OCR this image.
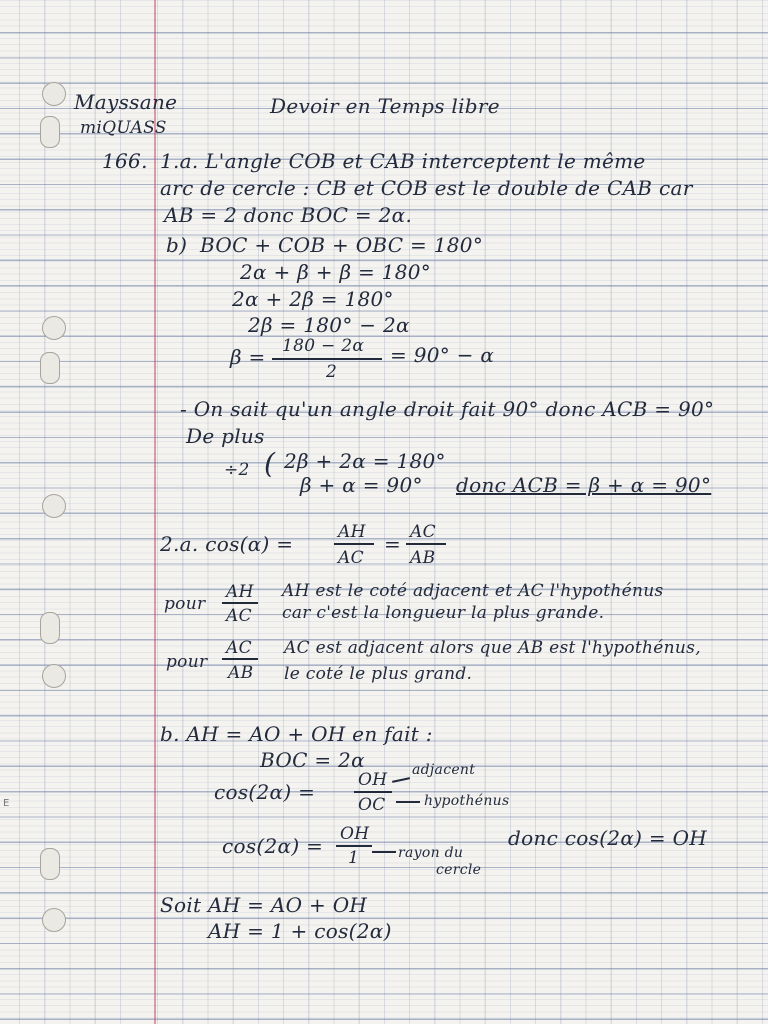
E
Mayssane
miQUASS
Devoir en Temps libre
166. 1.a. L'angle COB et CAB interceptent le même
arc de cercle : CB et COB est le double de CAB car
AB = 2 donc BOC = 2α.
b) BOC + COB + OBC = 180°
2α + β + β = 180°
2α + 2β = 180°
2β = 180° − 2α
β = 180 − 2α
2
= 90° − α
- On sait qu'un angle droit fait 90° donc ACB = 90°
De plus
÷2 ( 2β + 2α = 180°
β + α = 90° donc ACB = β + α = 90°
2.a. cos(α) =	AH
AC
= AC
AB
pour
AH
AC
AH est le coté adjacent et AC l'hypothénus
car c'est la longueur la plus grande.
pour
AC
AB
AC est adjacent alors que AB est l'hypothénus,
le coté le plus grand.
b. AH = AO + OH en fait :
BOC = 2α
cos(2α) =	OH
OC
adjacent
hypothénus
cos(2α) = OH
1	rayon du
cercle
donc cos(2α) = OH
Soit AH = AO + OH
AH = 1 + cos(2α)
